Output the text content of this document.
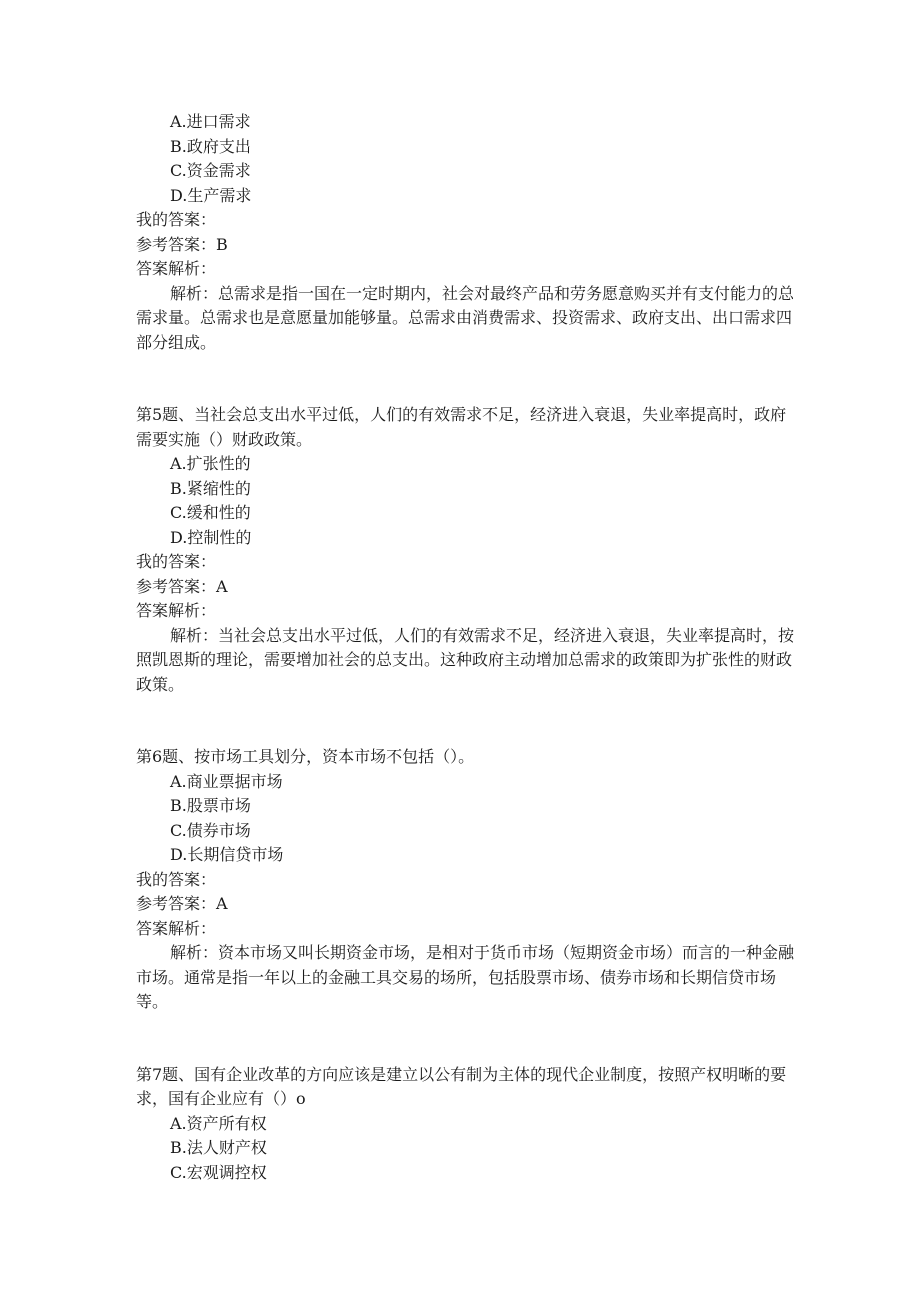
A.进口需求
B.政府支出
C.资金需求
D.生产需求
我的答案：
参考答案：B
答案解析：
解析：总需求是指一国在一定时期内，社会对最终产品和劳务愿意购买并有支付能力的总需求量。总需求也是意愿量加能够量。总需求由消费需求、投资需求、政府支出、出口需求四部分组成。
第5题、当社会总支出水平过低，人们的有效需求不足，经济进入衰退，失业率提高时，政府需要实施（）财政政策。
A.扩张性的
B.紧缩性的
C.缓和性的
D.控制性的
我的答案：
参考答案：A
答案解析：
解析：当社会总支出水平过低，人们的有效需求不足，经济进入衰退，失业率提高时，按照凯恩斯的理论，需要增加社会的总支出。这种政府主动增加总需求的政策即为扩张性的财政政策。
第6题、按市场工具划分，资本市场不包括（）。
A.商业票据市场
B.股票市场
C.债券市场
D.长期信贷市场
我的答案：
参考答案：A
答案解析：
解析：资本市场又叫长期资金市场，是相对于货币市场（短期资金市场）而言的一种金融市场。通常是指一年以上的金融工具交易的场所，包括股票市场、债券市场和长期信贷市场等。
第7题、国有企业改革的方向应该是建立以公有制为主体的现代企业制度，按照产权明晰的要求，国有企业应有（）o
A.资产所有权
B.法人财产权
C.宏观调控权
